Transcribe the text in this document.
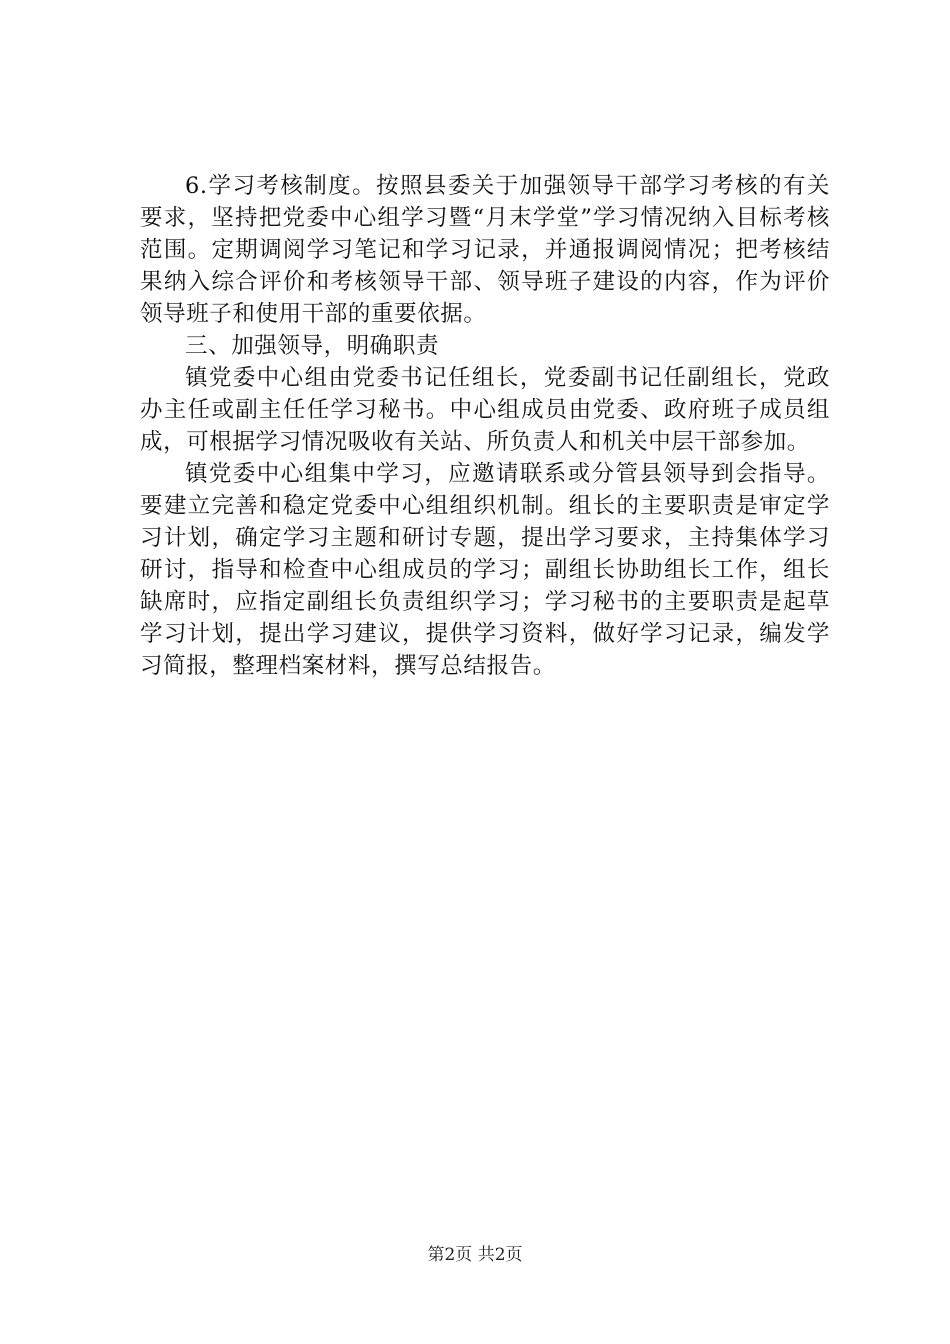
6.学习考核制度。按照县委关于加强领导干部学习考核的有关要求，坚持把党委中心组学习暨“月末学堂”学习情况纳入目标考核范围。定期调阅学习笔记和学习记录，并通报调阅情况；把考核结果纳入综合评价和考核领导干部、领导班子建设的内容，作为评价领导班子和使用干部的重要依据。

三、加强领导，明确职责

镇党委中心组由党委书记任组长，党委副书记任副组长，党政办主任或副主任任学习秘书。中心组成员由党委、政府班子成员组成，可根据学习情况吸收有关站、所负责人和机关中层干部参加。

镇党委中心组集中学习，应邀请联系或分管县领导到会指导。要建立完善和稳定党委中心组组织机制。组长的主要职责是审定学习计划，确定学习主题和研讨专题，提出学习要求，主持集体学习研讨，指导和检查中心组成员的学习；副组长协助组长工作，组长缺席时，应指定副组长负责组织学习；学习秘书的主要职责是起草学习计划，提出学习建议，提供学习资料，做好学习记录，编发学习简报，整理档案材料，撰写总结报告。

第2页 共2页
